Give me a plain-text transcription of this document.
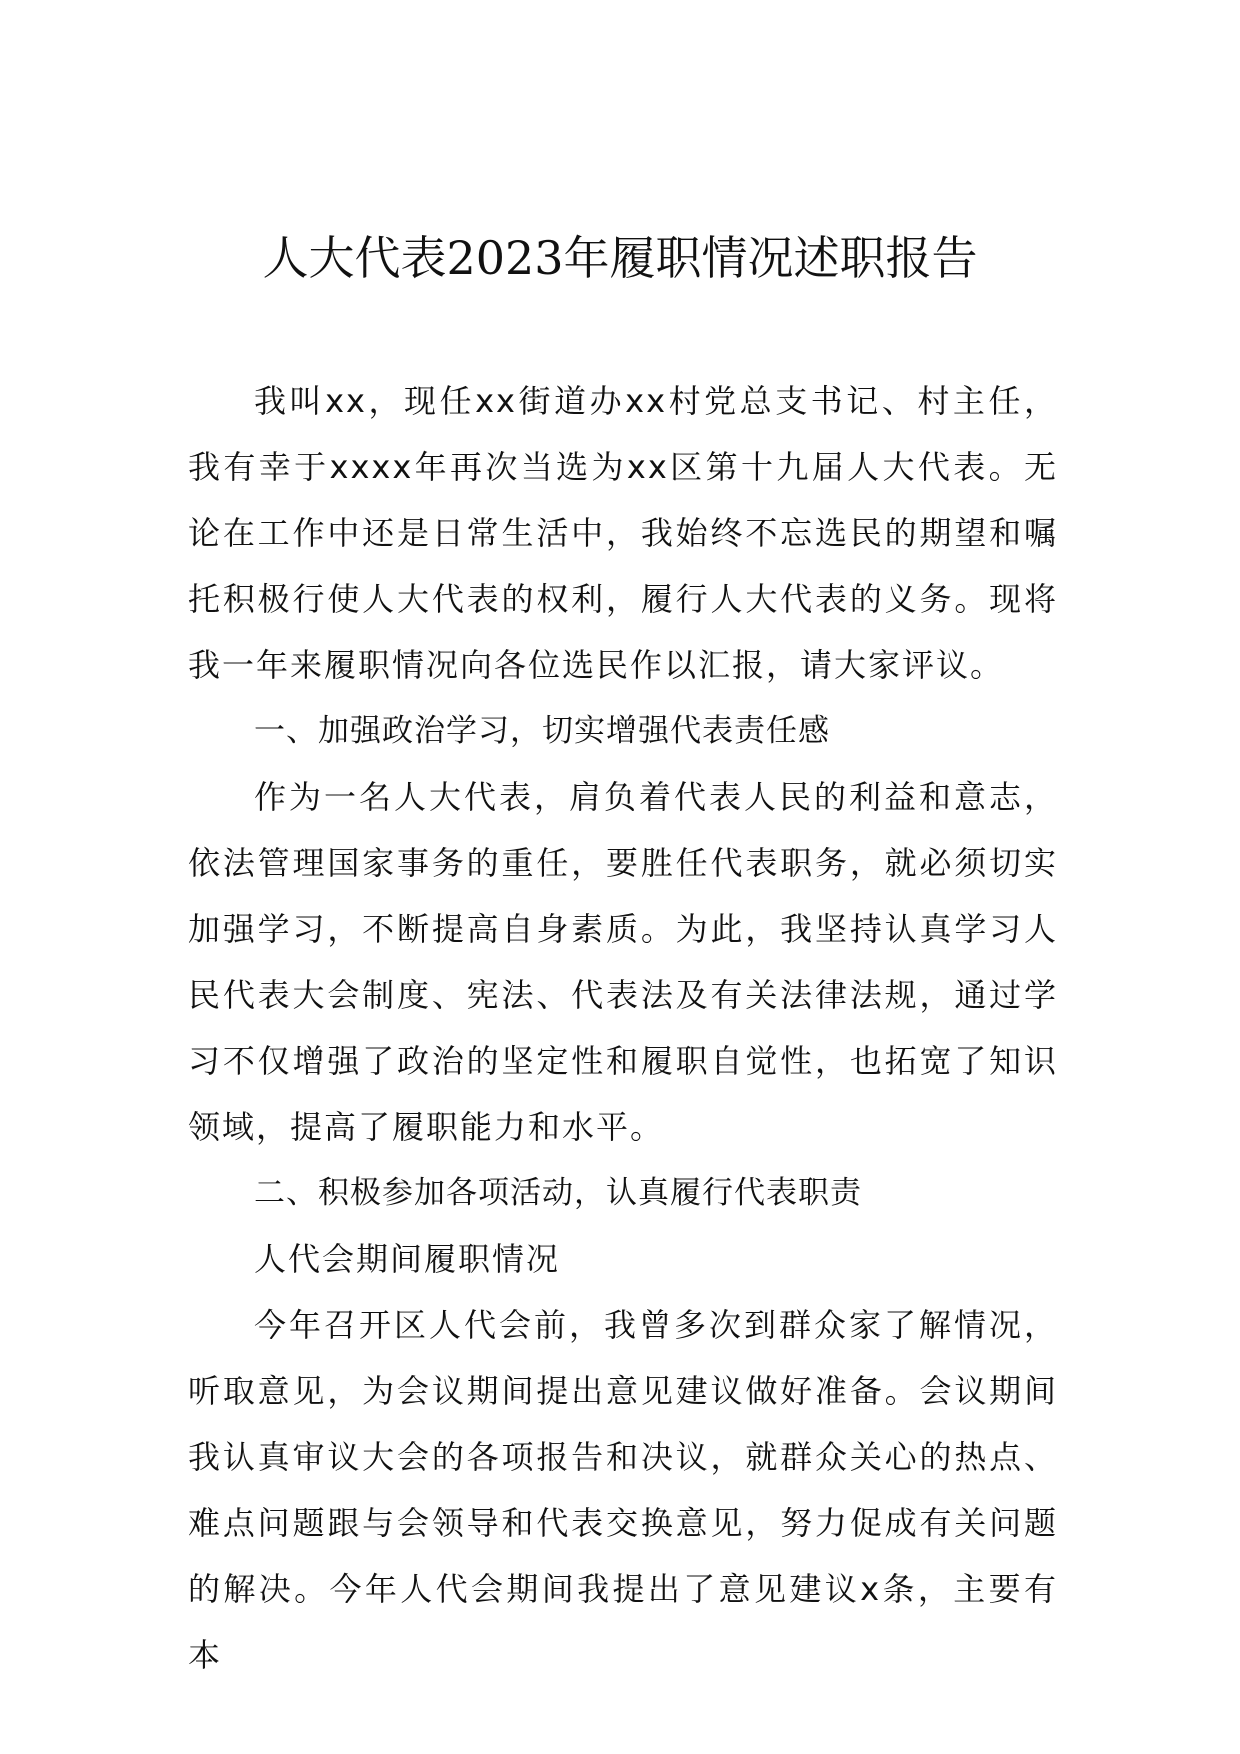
人大代表2023年履职情况述职报告

我叫xx，现任xx街道办xx村党总支书记、村主任，我有幸于xxxx年再次当选为xx区第十九届人大代表。无论在工作中还是日常生活中，我始终不忘选民的期望和嘱托积极行使人大代表的权利，履行人大代表的义务。现将我一年来履职情况向各位选民作以汇报，请大家评议。

一、加强政治学习，切实增强代表责任感

作为一名人大代表，肩负着代表人民的利益和意志，依法管理国家事务的重任，要胜任代表职务，就必须切实加强学习，不断提高自身素质。为此，我坚持认真学习人民代表大会制度、宪法、代表法及有关法律法规，通过学习不仅增强了政治的坚定性和履职自觉性，也拓宽了知识领域，提高了履职能力和水平。

二、积极参加各项活动，认真履行代表职责

人代会期间履职情况

今年召开区人代会前，我曾多次到群众家了解情况，听取意见，为会议期间提出意见建议做好准备。会议期间我认真审议大会的各项报告和决议，就群众关心的热点、难点问题跟与会领导和代表交换意见，努力促成有关问题的解决。今年人代会期间我提出了意见建议x条，主要有本
